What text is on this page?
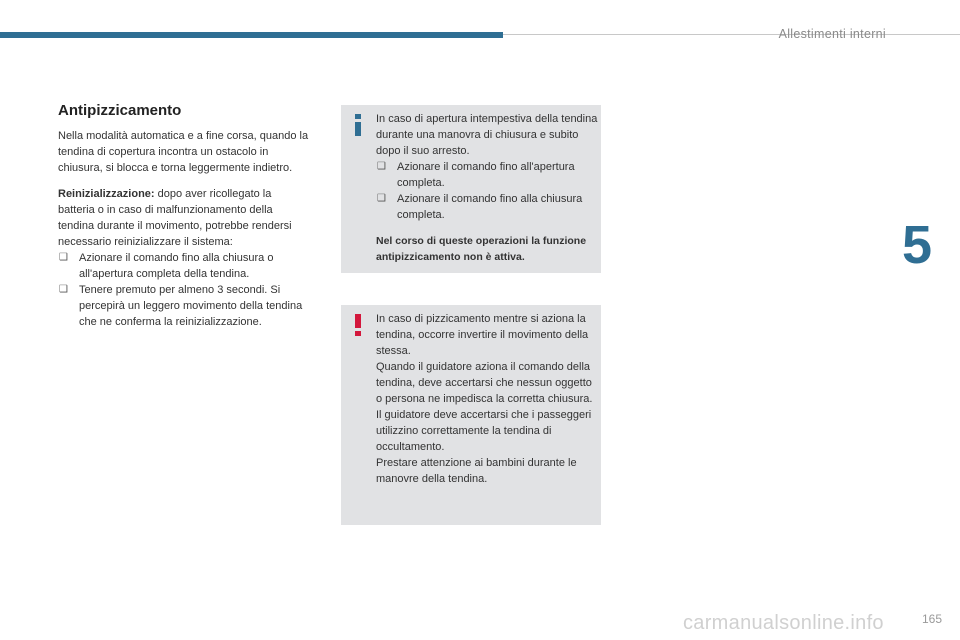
Allestimenti interni
5
Antipizzicamento

Nella modalità automatica e a fine corsa, quando la tendina di copertura incontra un ostacolo in chiusura, si blocca e torna leggermente indietro.

Reinizializzazione: dopo aver ricollegato la batteria o in caso di malfunzionamento della tendina durante il movimento, potrebbe rendersi necessario reinizializzare il sistema:

❑ Azionare il comando fino alla chiusura o all'apertura completa della tendina.
❑ Tenere premuto per almeno 3 secondi. Si percepirà un leggero movimento della tendina che ne conferma la reinizializzazione.

In caso di apertura intempestiva della tendina durante una manovra di chiusura e subito dopo il suo arresto.

❑ Azionare il comando fino all'apertura completa.
❑ Azionare il comando fino alla chiusura completa.

Nel corso di queste operazioni la funzione antipizzicamento non è attiva.

In caso di pizzicamento mentre si aziona la tendina, occorre invertire il movimento della stessa.
Quando il guidatore aziona il comando della tendina, deve accertarsi che nessun oggetto o persona ne impedisca la corretta chiusura.
Il guidatore deve accertarsi che i passeggeri utilizzino correttamente la tendina di occultamento.
Prestare attenzione ai bambini durante le manovre della tendina.

carmanualsonline.info	165
